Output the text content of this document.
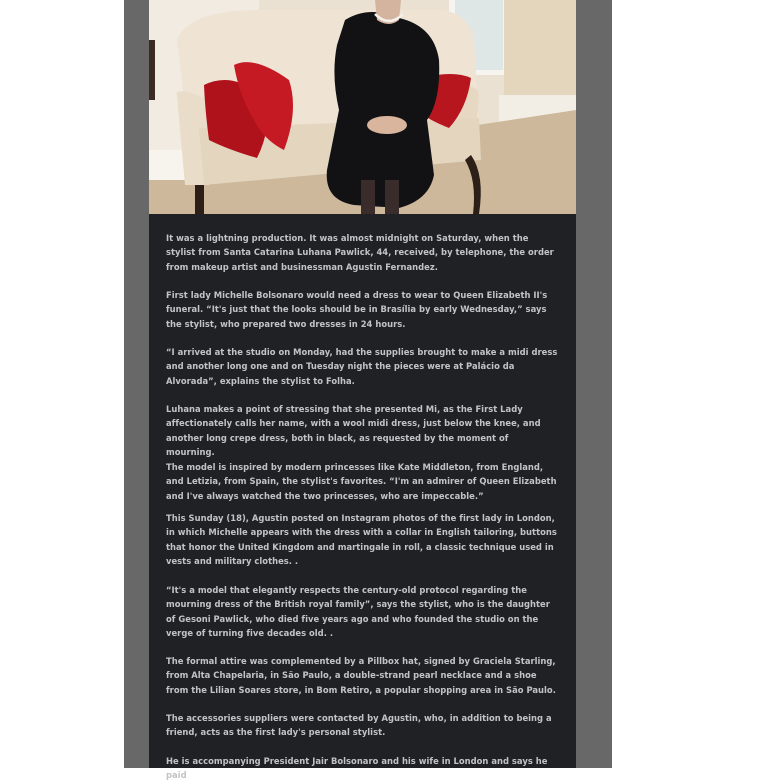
It was a lightning production. It was almost midnight on Saturday, when the stylist from Santa Catarina Luhana Pawlick, 44, received, by telephone, the order from makeup artist and businessman Agustin Fernandez.

First lady Michelle Bolsonaro would need a dress to wear to Queen Elizabeth II's funeral. “It's just that the looks should be in Brasília by early Wednesday,” says the stylist, who prepared two dresses in 24 hours.

“I arrived at the studio on Monday, had the supplies brought to make a midi dress and another long one and on Tuesday night the pieces were at Palácio da Alvorada”, explains the stylist to Folha.

Luhana makes a point of stressing that she presented Mi, as the First Lady affectionately calls her name, with a wool midi dress, just below the knee, and another long crepe dress, both in black, as requested by the moment of mourning.

The model is inspired by modern princesses like Kate Middleton, from England, and Letizia, from Spain, the stylist's favorites. “I'm an admirer of Queen Elizabeth and I've always watched the two princesses, who are impeccable.”

This Sunday (18), Agustin posted on Instagram photos of the first lady in London, in which Michelle appears with the dress with a collar in English tailoring, buttons that honor the United Kingdom and martingale in roll, a classic technique used in vests and military clothes. .

“It's a model that elegantly respects the century-old protocol regarding the mourning dress of the British royal family”, says the stylist, who is the daughter of Gesoni Pawlick, who died five years ago and who founded the studio on the verge of turning five decades old. .

The formal attire was complemented by a Pillbox hat, signed by Graciela Starling, from Alta Chapelaria, in São Paulo, a double-strand pearl necklace and a shoe from the Lilian Soares store, in Bom Retiro, a popular shopping area in São Paulo.

The accessories suppliers were contacted by Agustin, who, in addition to being a friend, acts as the first lady's personal stylist.

He is accompanying President Jair Bolsonaro and his wife in London and says he paid
